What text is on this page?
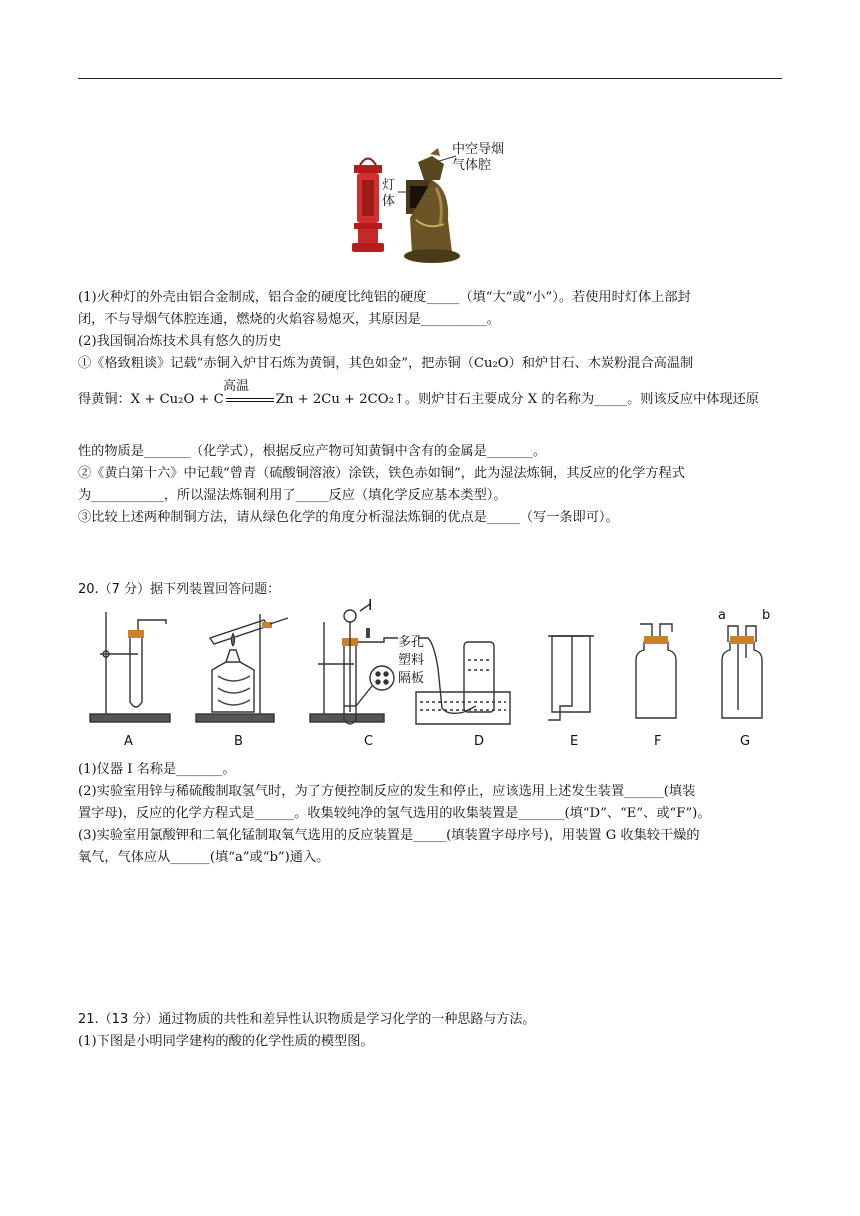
中空导烟
气体腔
灯
体
(1)火种灯的外壳由铝合金制成，铝合金的硬度比纯铝的硬度_____（填“大”或“小”）。若使用时灯体上部封
闭，不与导烟气体腔连通，燃烧的火焰容易熄灭，其原因是__________。
(2)我国铜冶炼技术具有悠久的历史
①《格致粗谈》记载“赤铜入炉甘石炼为黄铜，其色如金”，把赤铜（Cu₂O）和炉甘石、木炭粉混合高温制
高温
得黄铜：X + Cu₂O + C	Zn + 2Cu + 2CO₂↑。则炉甘石主要成分 X 的名称为_____。则该反应中体现还原
性的物质是_______（化学式），根据反应产物可知黄铜中含有的金属是_______。
②《黄白第十六》中记载“曾青（硫酸铜溶液）涂铁，铁色赤如铜”，此为湿法炼铜，其反应的化学方程式
为___________，所以湿法炼铜利用了_____反应（填化学反应基本类型）。
③比较上述两种制铜方法，请从绿色化学的角度分析湿法炼铜的优点是_____（写一条即可）。
20.（7 分）据下列装置回答问题：
A	B	C	D	E	F	G
I
多孔
塑料
隔板
a	b
(1)仪器 I 名称是_______。
(2)实验室用锌与稀硫酸制取氢气时，为了方便控制反应的发生和停止，应该选用上述发生装置______(填装
置字母)，反应的化学方程式是______。收集较纯净的氢气选用的收集装置是_______(填“D”、“E”、或“F”)。
(3)实验室用氯酸钾和二氧化锰制取氧气选用的反应装置是_____(填装置字母序号)，用装置 G 收集较干燥的
氧气，气体应从______(填“a”或“b”)通入。
21.（13 分）通过物质的共性和差异性认识物质是学习化学的一种思路与方法。
(1)下图是小明同学建构的酸的化学性质的模型图。
